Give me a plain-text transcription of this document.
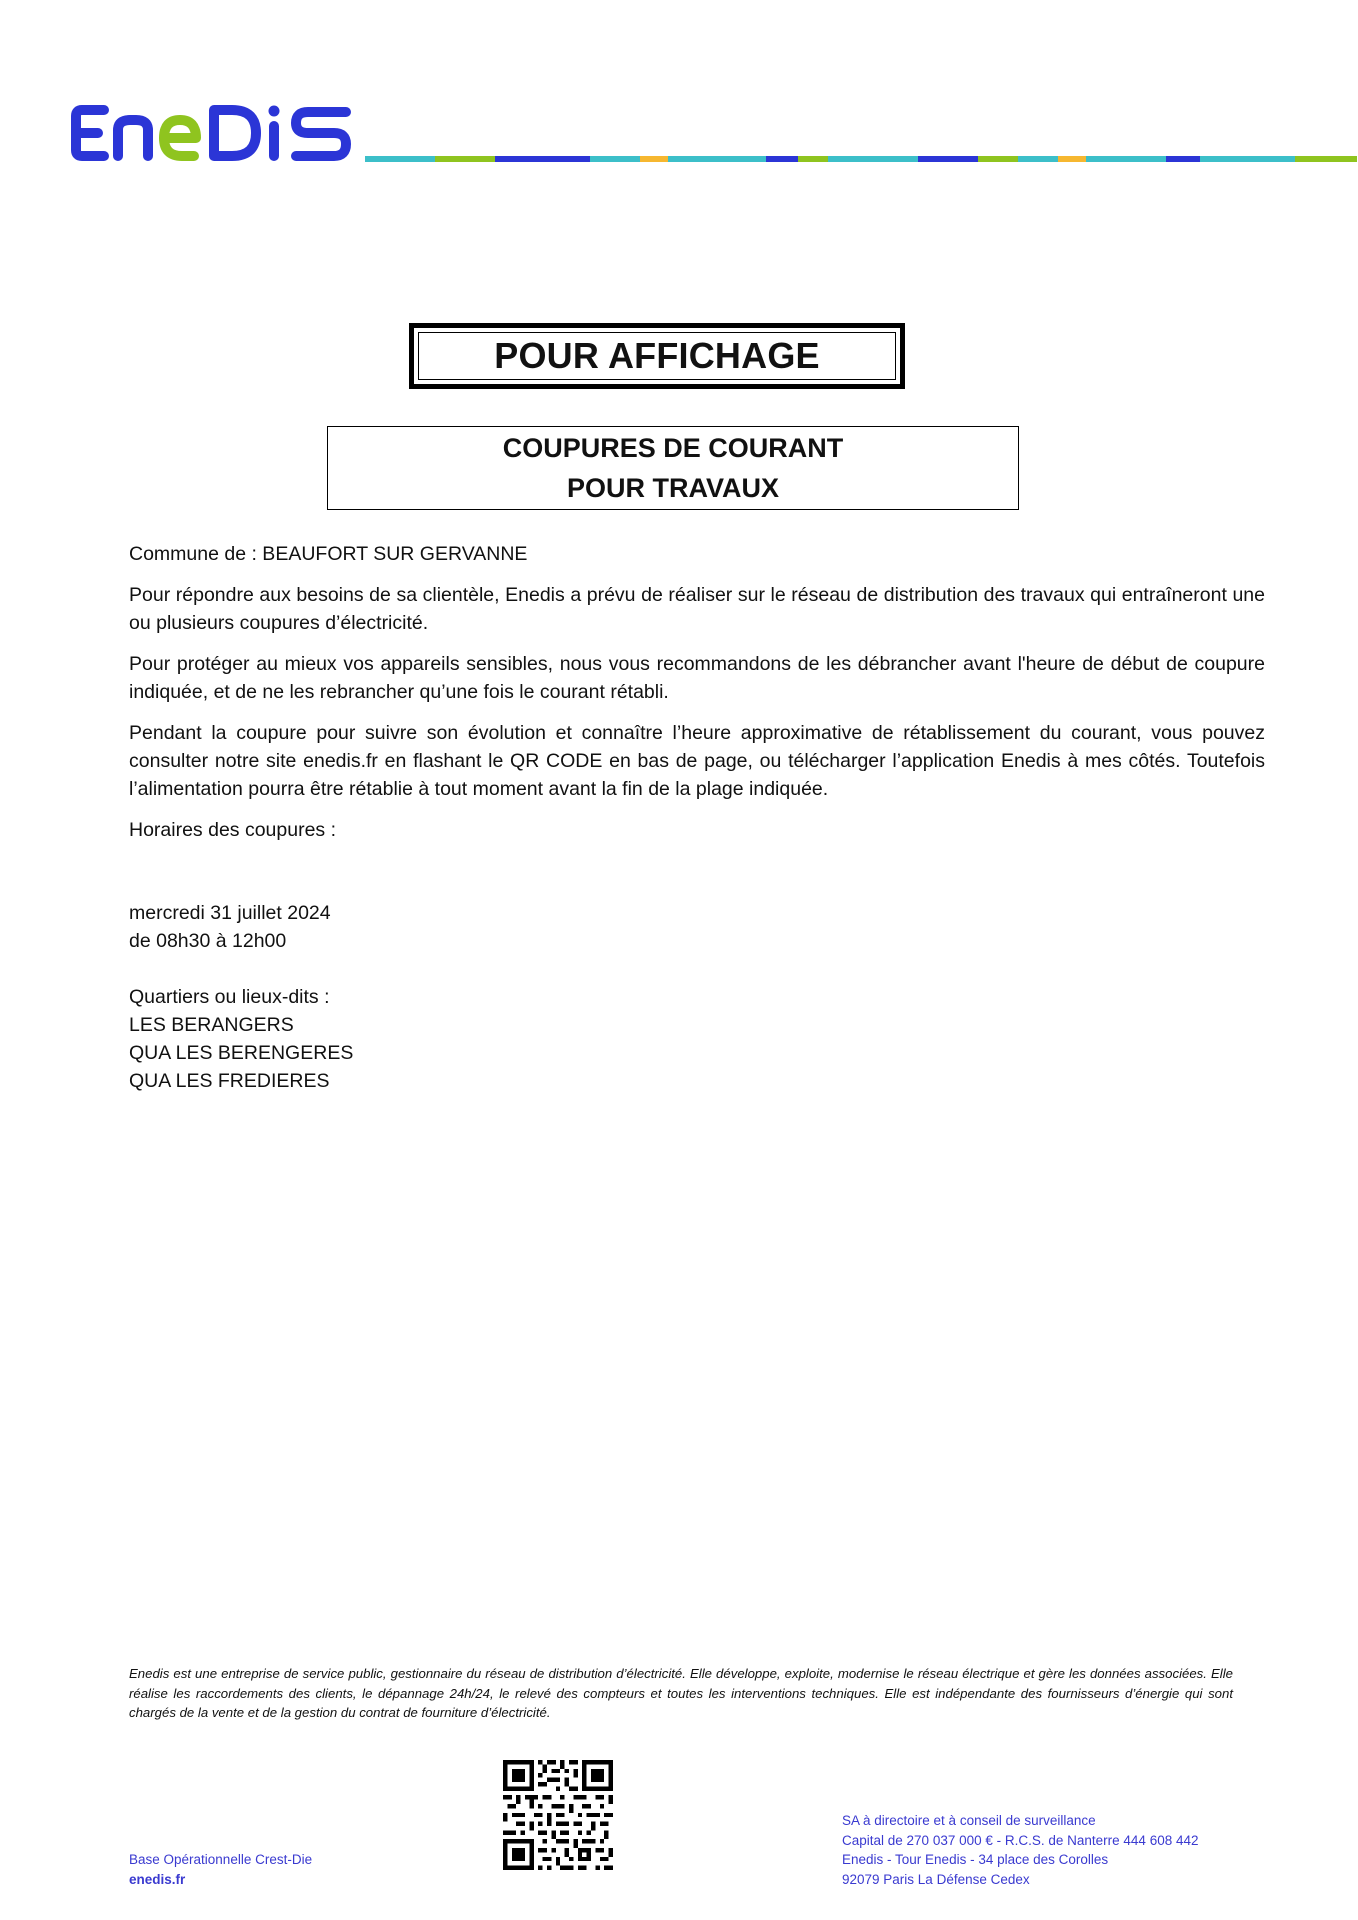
POUR AFFICHAGE
COUPURES DE COURANT
POUR TRAVAUX
Commune de : BEAUFORT SUR GERVANNE

Pour répondre aux besoins de sa clientèle, Enedis a prévu de réaliser sur le réseau de distribution des travaux qui entraîneront une ou plusieurs coupures d’électricité.

Pour protéger au mieux vos appareils sensibles, nous vous recommandons de les débrancher avant l'heure de début de coupure indiquée, et de ne les rebrancher qu’une fois le courant rétabli.

Pendant la coupure pour suivre son évolution et connaître l’heure approximative de rétablissement du courant, vous pouvez consulter notre site enedis.fr en flashant le QR CODE en bas de page, ou télécharger l’application Enedis à mes côtés. Toutefois l’alimentation pourra être rétablie à tout moment avant la fin de la plage indiquée.

Horaires des coupures :
mercredi 31 juillet 2024
de 08h30 à 12h00
Quartiers ou lieux-dits :
LES BERANGERS
QUA LES BERENGERES
QUA LES FREDIERES
Enedis est une entreprise de service public, gestionnaire du réseau de distribution d’électricité. Elle développe, exploite, modernise le réseau électrique et gère les données associées. Elle réalise les raccordements des clients, le dépannage 24h/24, le relevé des compteurs et toutes les interventions techniques. Elle est indépendante des fournisseurs d’énergie qui sont chargés de la vente et de la gestion du contrat de fourniture d’électricité.
Base Opérationnelle Crest-Die
enedis.fr
SA à directoire et à conseil de surveillance
Capital de 270 037 000 € - R.C.S. de Nanterre 444 608 442
Enedis - Tour Enedis - 34 place des Corolles
92079 Paris La Défense Cedex
